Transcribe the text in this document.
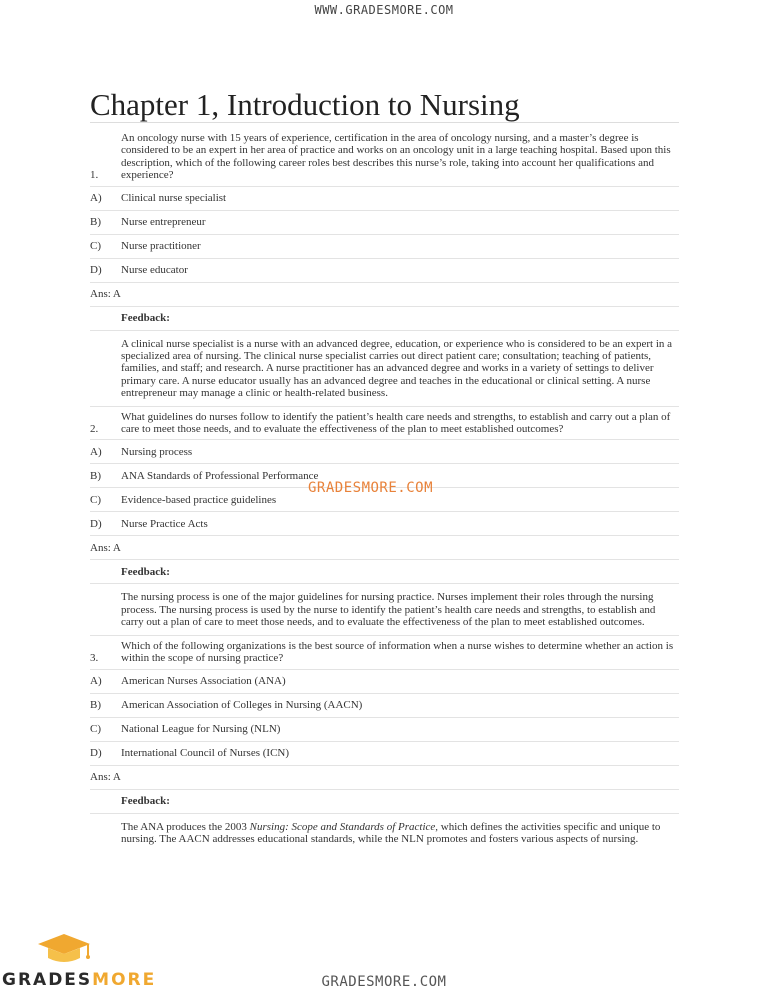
WWW.GRADESMORE.COM
Chapter 1, Introduction to Nursing
1.
An oncology nurse with 15 years of experience, certification in the area of oncology nursing, and a master’s degree is considered to be an expert in her area of practice and works on an oncology unit in a large teaching hospital. Based upon this description, which of the following career roles best describes this nurse’s role, taking into account her qualifications and experience?
A)	Clinical nurse specialist
B)	Nurse entrepreneur
C)	Nurse practitioner
D)	Nurse educator
Ans: A
Feedback:
A clinical nurse specialist is a nurse with an advanced degree, education, or experience who is considered to be an expert in a specialized area of nursing. The clinical nurse specialist carries out direct patient care; consultation; teaching of patients, families, and staff; and research. A nurse practitioner has an advanced degree and works in a variety of settings to deliver primary care. A nurse educator usually has an advanced degree and teaches in the educational or clinical setting. A nurse entrepreneur may manage a clinic or health-related business.
2.
What guidelines do nurses follow to identify the patient’s health care needs and strengths, to establish and carry out a plan of care to meet those needs, and to evaluate the effectiveness of the plan to meet established outcomes?
A)	Nursing process
B)	ANA Standards of Professional Performance
C)	Evidence-based practice guidelines
D)	Nurse Practice Acts
Ans: A
Feedback:
The nursing process is one of the major guidelines for nursing practice. Nurses implement their roles through the nursing process. The nursing process is used by the nurse to identify the patient’s health care needs and strengths, to establish and carry out a plan of care to meet those needs, and to evaluate the effectiveness of the plan to meet established outcomes.
3.
Which of the following organizations is the best source of information when a nurse wishes to determine whether an action is within the scope of nursing practice?
A)	American Nurses Association (ANA)
B)	American Association of Colleges in Nursing (AACN)
C)	National League for Nursing (NLN)
D)	International Council of Nurses (ICN)
Ans: A
Feedback:
The ANA produces the 2003 Nursing: Scope and Standards of Practice, which defines the activities specific and unique to nursing. The AACN addresses educational standards, while the NLN promotes and fosters various aspects of nursing.
GRADESMORE.COM
GRADESMORE	GRADESMORE.COM
